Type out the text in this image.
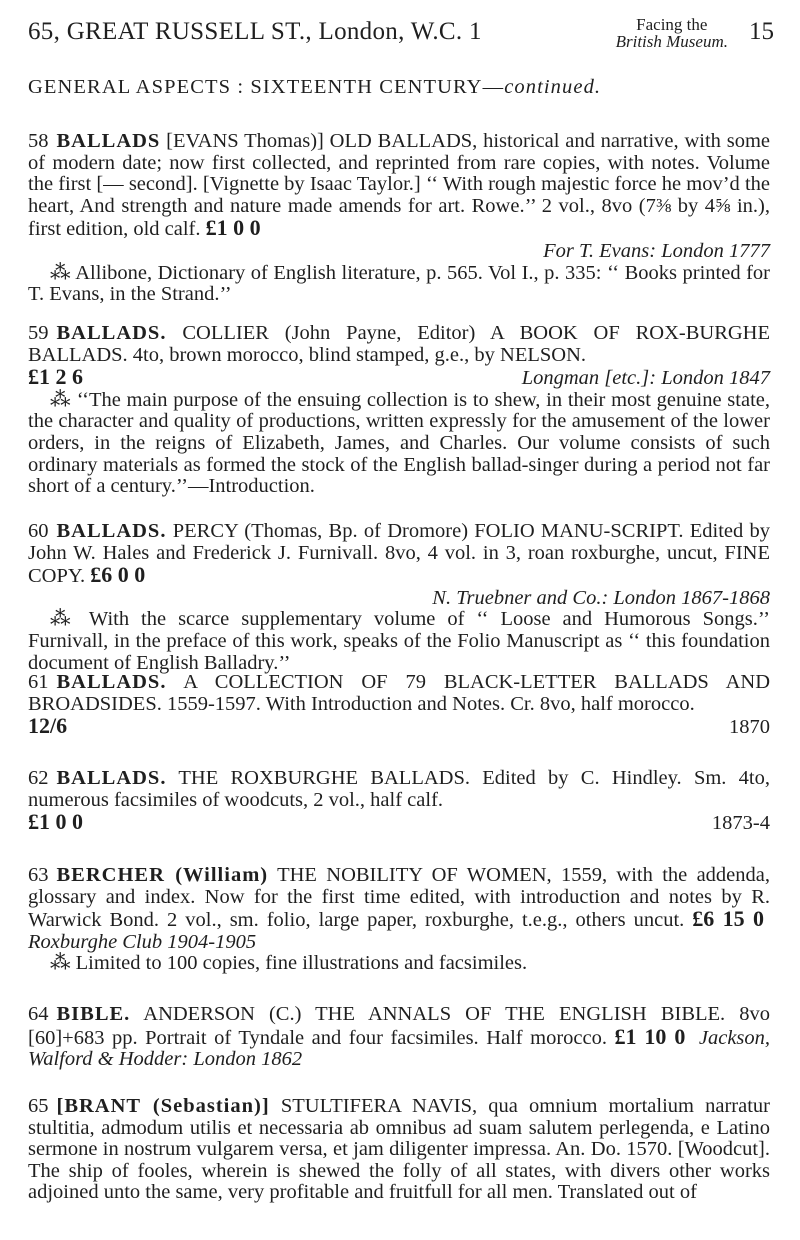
65, GREAT RUSSELL ST., London, W.C. 1	Facing the
British Museum. 15
GENERAL ASPECTS : SIXTEENTH CENTURY—continued.

58 BALLADS [EVANS Thomas)] OLD BALLADS, historical and narrative, with some of modern date; now first collected, and reprinted from rare copies, with notes. Volume the first [— second]. [Vignette by Isaac Taylor.] ‘‘ With rough majestic force he mov’d the heart, And strength and nature made amends for art. Rowe.’’ 2 vol., 8vo (7⅜ by 4⅝ in.), first edition, old calf. £1 0 0

For T. Evans: London 1777

⁂ Allibone, Dictionary of English literature, p. 565. Vol I., p. 335: ‘‘ Books printed for T. Evans, in the Strand.’’

59 BALLADS. COLLIER (John Payne, Editor) A BOOK OF ROX-BURGHE BALLADS. 4to, brown morocco, blind stamped, g.e., by NELSON.

£1 2 6	Longman [etc.]: London 1847

⁂ ‘‘The main purpose of the ensuing collection is to shew, in their most genuine state, the character and quality of productions, written expressly for the amusement of the lower orders, in the reigns of Elizabeth, James, and Charles. Our volume consists of such ordinary materials as formed the stock of the English ballad-singer during a period not far short of a century.’’—Introduction.

60 BALLADS. PERCY (Thomas, Bp. of Dromore) FOLIO MANU-SCRIPT. Edited by John W. Hales and Frederick J. Furnivall. 8vo, 4 vol. in 3, roan roxburghe, uncut, FINE COPY. £6 0 0

N. Truebner and Co.: London 1867-1868

⁂ With the scarce supplementary volume of ‘‘ Loose and Humorous Songs.’’ Furnivall, in the preface of this work, speaks of the Folio Manuscript as ‘‘ this foundation document of English Balladry.’’

61 BALLADS. A COLLECTION OF 79 BLACK-LETTER BALLADS AND BROADSIDES. 1559-1597. With Introduction and Notes. Cr. 8vo, half morocco.

12/6	1870

62 BALLADS. THE ROXBURGHE BALLADS. Edited by C. Hindley. Sm. 4to, numerous facsimiles of woodcuts, 2 vol., half calf.

£1 0 0	1873-4

63 BERCHER (William) THE NOBILITY OF WOMEN, 1559, with the addenda, glossary and index. Now for the first time edited, with introduction and notes by R. Warwick Bond. 2 vol., sm. folio, large paper, roxburghe, t.e.g., others uncut. £6 15 0 Roxburghe Club 1904-1905

⁂ Limited to 100 copies, fine illustrations and facsimiles.

64 BIBLE. ANDERSON (C.) THE ANNALS OF THE ENGLISH BIBLE. 8vo [60]+683 pp. Portrait of Tyndale and four facsimiles. Half morocco. £1 10 0 Jackson, Walford & Hodder: London 1862

65 [BRANT (Sebastian)] STULTIFERA NAVIS, qua omnium mortalium narratur stultitia, admodum utilis et necessaria ab omnibus ad suam salutem perlegenda, e Latino sermone in nostrum vulgarem versa, et jam diligenter impressa. An. Do. 1570. [Woodcut]. The ship of fooles, wherein is shewed the folly of all states, with divers other works adjoined unto the same, very profitable and fruitfull for all men. Translated out of
